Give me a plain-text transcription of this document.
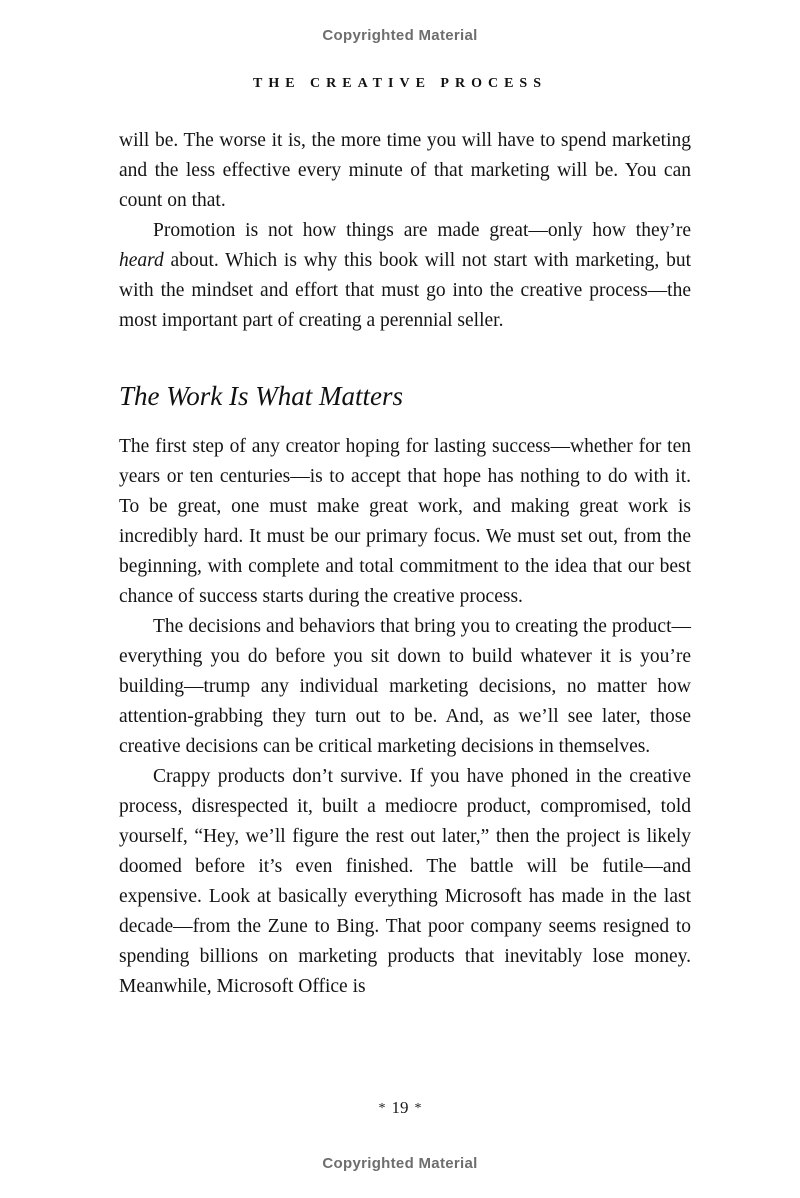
Copyrighted Material
THE CREATIVE PROCESS

will be. The worse it is, the more time you will have to spend marketing and the less effective every minute of that marketing will be. You can count on that.

Promotion is not how things are made great—only how they’re heard about. Which is why this book will not start with marketing, but with the mindset and effort that must go into the creative process—the most important part of creating a perennial seller.

The Work Is What Matters

The first step of any creator hoping for lasting success—whether for ten years or ten centuries—is to accept that hope has nothing to do with it. To be great, one must make great work, and making great work is incredibly hard. It must be our primary focus. We must set out, from the beginning, with complete and total commitment to the idea that our best chance of success starts during the creative process.

The decisions and behaviors that bring you to creating the product—everything you do before you sit down to build whatever it is you’re building—trump any individual marketing decisions, no matter how attention-grabbing they turn out to be. And, as we’ll see later, those creative decisions can be critical marketing decisions in themselves.

Crappy products don’t survive. If you have phoned in the creative process, disrespected it, built a mediocre product, compromised, told yourself, “Hey, we’ll figure the rest out later,” then the project is likely doomed before it’s even finished. The battle will be futile—and expensive. Look at basically everything Microsoft has made in the last decade—from the Zune to Bing. That poor company seems resigned to spending billions on marketing products that inevitably lose money. Meanwhile, Microsoft Office is

* 19 *
Copyrighted Material
